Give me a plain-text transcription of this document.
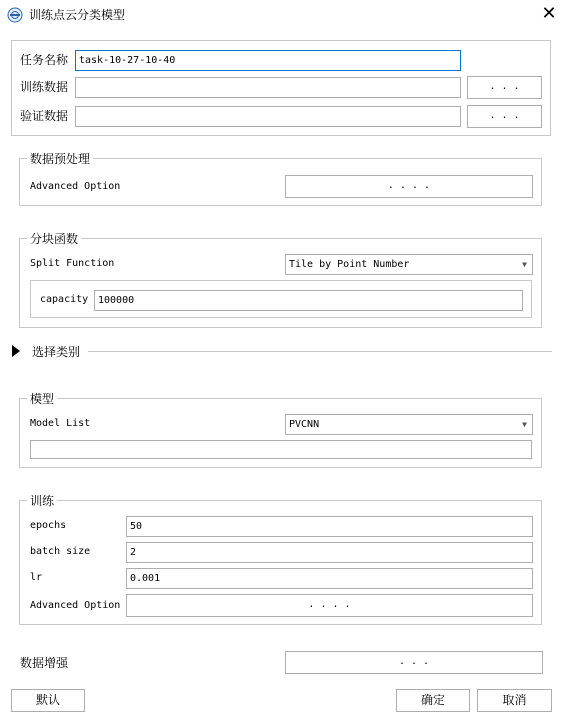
训练点云分类模型	✕
任务名称	task-10-27-10-40
训练数据	. . .
验证数据	. . .
数据预处理
Advanced Option	. . . .
分块函数
Split Function	Tile by Point Number	▼
capacity 100000
选择类别
模型
Model List	PVCNN	▼
训练
epochs	50
batch size	2
lr	0.001
Advanced Option	. . . .
数据增强	. . .
默认	确定	取消
